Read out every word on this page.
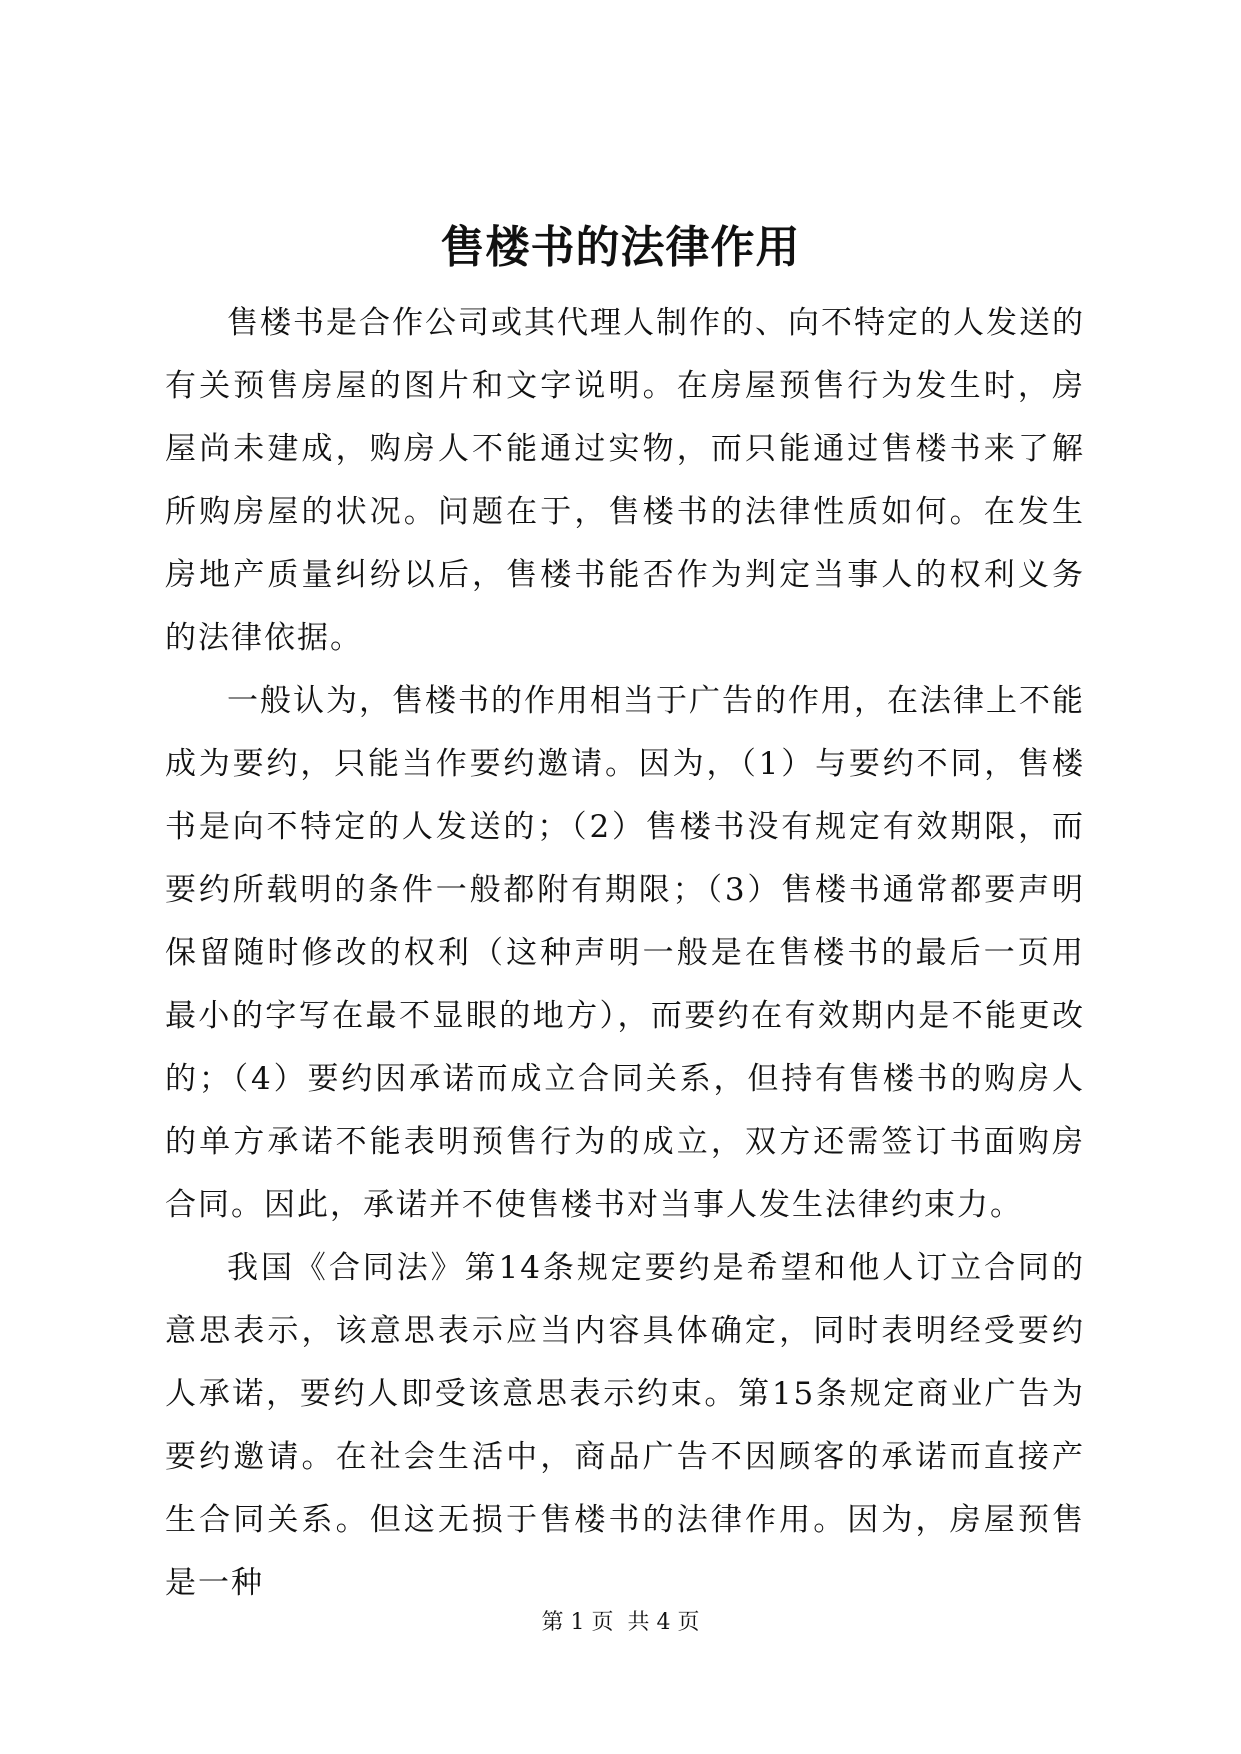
售楼书的法律作用

售楼书是合作公司或其代理人制作的、向不特定的人发送的有关预售房屋的图片和文字说明。在房屋预售行为发生时，房屋尚未建成，购房人不能通过实物，而只能通过售楼书来了解所购房屋的状况。问题在于，售楼书的法律性质如何。在发生房地产质量纠纷以后，售楼书能否作为判定当事人的权利义务的法律依据。

一般认为，售楼书的作用相当于广告的作用，在法律上不能成为要约，只能当作要约邀请。因为，（1）与要约不同，售楼书是向不特定的人发送的；（2）售楼书没有规定有效期限，而要约所载明的条件一般都附有期限；（3）售楼书通常都要声明保留随时修改的权利（这种声明一般是在售楼书的最后一页用最小的字写在最不显眼的地方），而要约在有效期内是不能更改的；（4）要约因承诺而成立合同关系，但持有售楼书的购房人的单方承诺不能表明预售行为的成立，双方还需签订书面购房合同。因此，承诺并不使售楼书对当事人发生法律约束力。

我国《合同法》第14条规定要约是希望和他人订立合同的意思表示，该意思表示应当内容具体确定，同时表明经受要约人承诺，要约人即受该意思表示约束。第15条规定商业广告为要约邀请。在社会生活中，商品广告不因顾客的承诺而直接产生合同关系。但这无损于售楼书的法律作用。因为，房屋预售是一种

第 1 页  共 4 页
